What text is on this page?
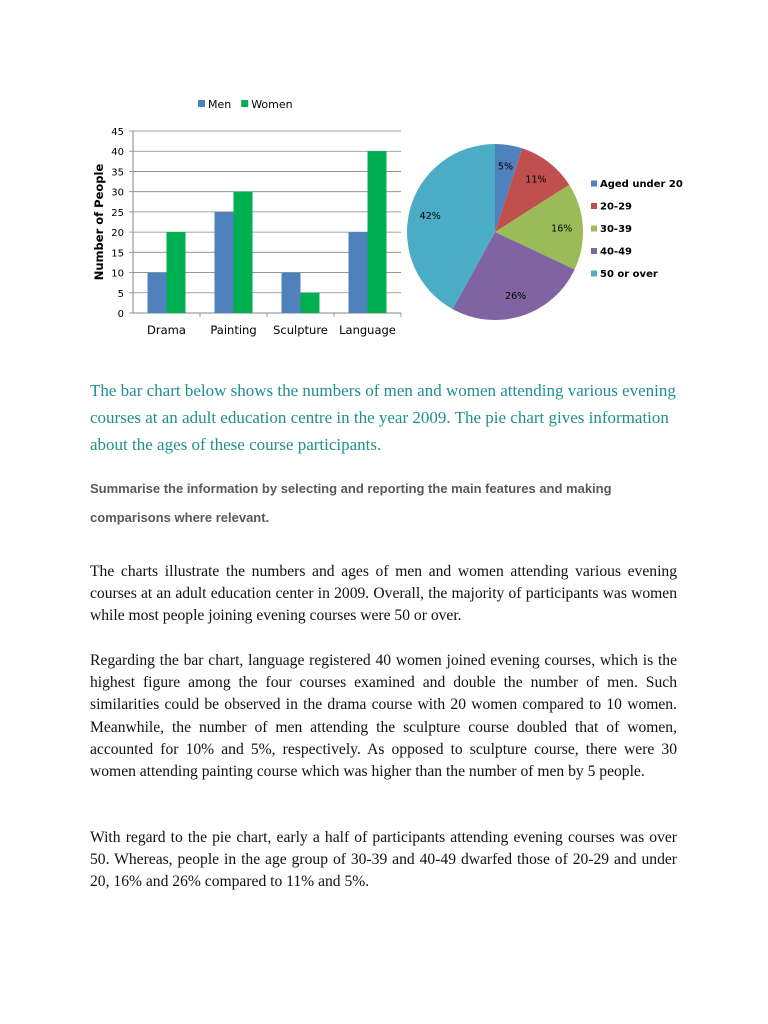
0
5
10
15
20
25
30
35
40
45
Drama Painting Sculpture Language
Number of People
Men Women
5%
11%
16%
26%
42%
Aged under 20
20-29
30-39
40-49
50 or over

The bar chart below shows the numbers of men and women attending various evening courses at an adult education centre in the year 2009. The pie chart gives information about the ages of these course participants.

Summarise the information by selecting and reporting the main features and making comparisons where relevant.

The charts illustrate the numbers and ages of men and women attending various evening courses at an adult education center in 2009. Overall, the majority of participants was women while most people joining evening courses were 50 or over.

Regarding the bar chart, language registered 40 women joined evening courses, which is the highest figure among the four courses examined and double the number of men. Such similarities could be observed in the drama course with 20 women compared to 10 women. Meanwhile, the number of men attending the sculpture course doubled that of women, accounted for 10% and 5%, respectively. As opposed to sculpture course, there were 30 women attending painting course which was higher than the number of men by 5 people.

With regard to the pie chart, early a half of participants attending evening courses was over 50. Whereas, people in the age group of 30-39 and 40-49 dwarfed those of 20-29 and under 20, 16% and 26% compared to 11% and 5%.
